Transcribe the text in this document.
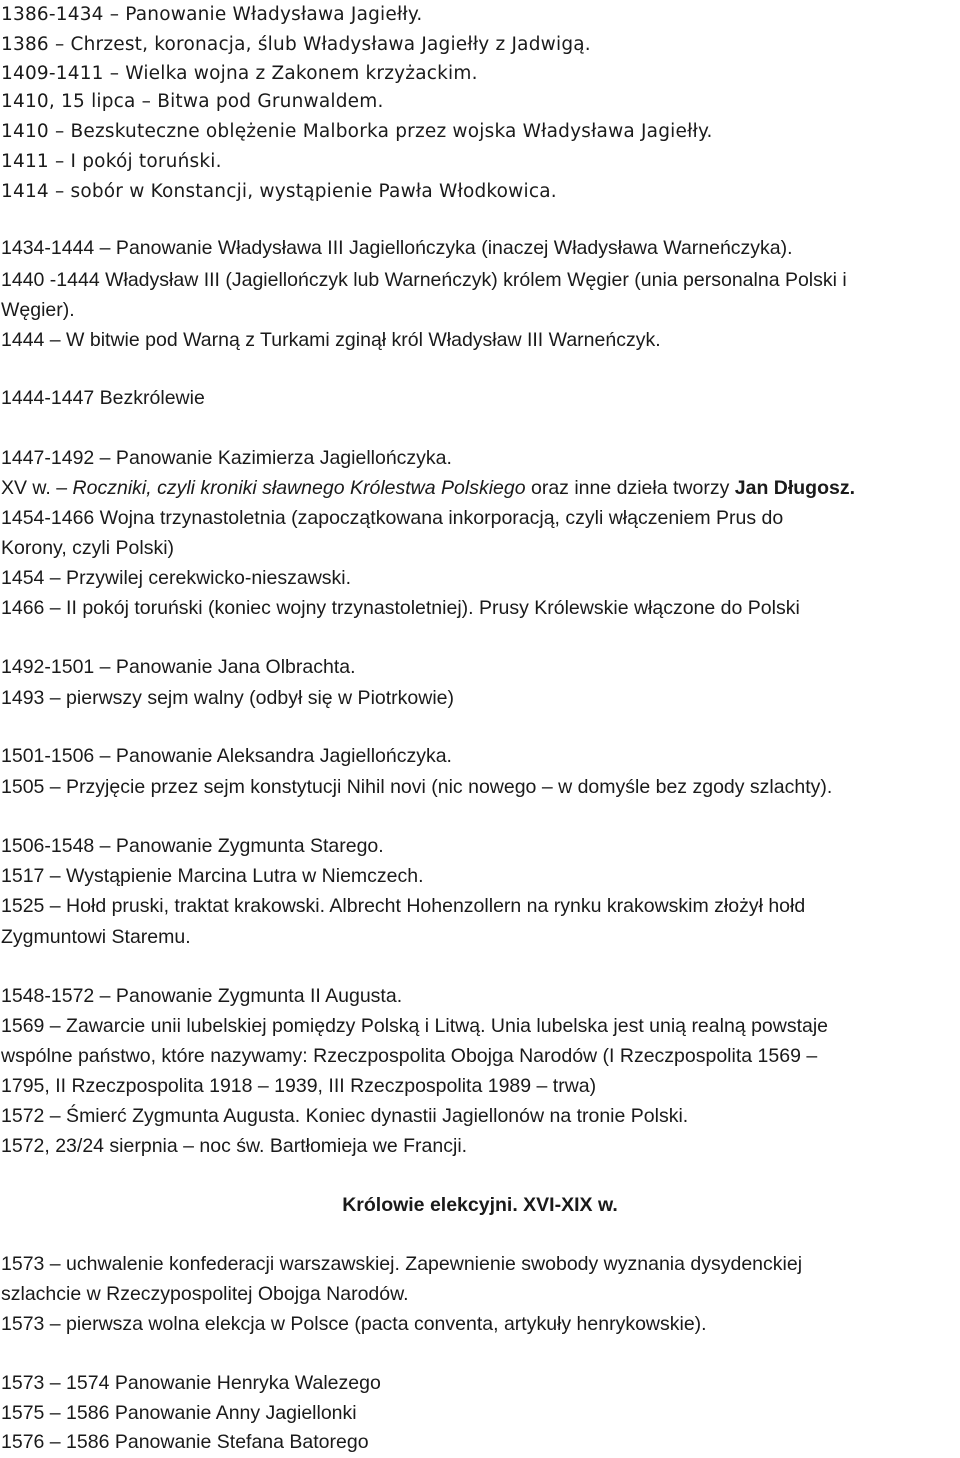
1386-1434 – Panowanie Władysława Jagiełły.
1386 – Chrzest, koronacja, ślub Władysława Jagiełły z Jadwigą.
1409-1411 – Wielka wojna z Zakonem krzyżackim.
1410, 15 lipca – Bitwa pod Grunwaldem.
1410 – Bezskuteczne oblężenie Malborka przez wojska Władysława Jagiełły.
1411 – I pokój toruński.
1414 – sobór w Konstancji, wystąpienie Pawła Włodkowica.
1434-1444 – Panowanie Władysława III Jagiellończyka (inaczej Władysława Warneńczyka).
1440 -1444 Władysław III (Jagiellończyk lub Warneńczyk) królem Węgier (unia personalna Polski i
Węgier).
1444 – W bitwie pod Warną z Turkami zginął król Władysław III Warneńczyk.
1444-1447 Bezkrólewie
1447-1492 – Panowanie Kazimierza Jagiellończyka.
XV w. – Roczniki, czyli kroniki sławnego Królestwa Polskiego oraz inne dzieła tworzy Jan Długosz.
1454-1466 Wojna trzynastoletnia (zapoczątkowana inkorporacją, czyli włączeniem Prus do
Korony, czyli Polski)
1454 – Przywilej cerekwicko-nieszawski.
1466 – II pokój toruński (koniec wojny trzynastoletniej). Prusy Królewskie włączone do Polski
1492-1501 – Panowanie Jana Olbrachta.
1493 – pierwszy sejm walny (odbył się w Piotrkowie)
1501-1506 – Panowanie Aleksandra Jagiellończyka.
1505 – Przyjęcie przez sejm konstytucji Nihil novi (nic nowego – w domyśle bez zgody szlachty).
1506-1548 – Panowanie Zygmunta Starego.
1517 – Wystąpienie Marcina Lutra w Niemczech.
1525 – Hołd pruski, traktat krakowski. Albrecht Hohenzollern na rynku krakowskim złożył hołd
Zygmuntowi Staremu.
1548-1572 – Panowanie Zygmunta II Augusta.
1569 – Zawarcie unii lubelskiej pomiędzy Polską i Litwą. Unia lubelska jest unią realną powstaje
wspólne państwo, które nazywamy: Rzeczpospolita Obojga Narodów (I Rzeczpospolita 1569 –
1795, II Rzeczpospolita 1918 – 1939, III Rzeczpospolita 1989 – trwa)
1572 – Śmierć Zygmunta Augusta. Koniec dynastii Jagiellonów na tronie Polski.
1572, 23/24 sierpnia – noc św. Bartłomieja we Francji.
Królowie elekcyjni. XVI-XIX w.
1573 – uchwalenie konfederacji warszawskiej. Zapewnienie swobody wyznania dysydenckiej
szlachcie w Rzeczypospolitej Obojga Narodów.
1573 – pierwsza wolna elekcja w Polsce (pacta conventa, artykuły henrykowskie).
1573 – 1574 Panowanie Henryka Walezego
1575 – 1586 Panowanie Anny Jagiellonki
1576 – 1586 Panowanie Stefana Batorego
